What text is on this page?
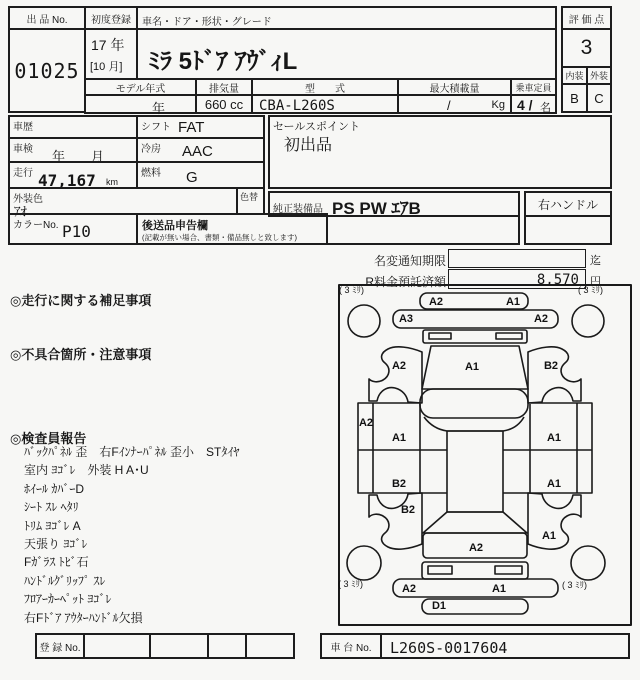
出 品 No.
01025
初度登録
17 年
[10 月]
車名・ドア・形状・グレード
ﾐﾗ 5ﾄﾞｱ ｱｳﾞｨL
モデル年式
年
排気量
660 cc
型　　式
CBA-L260S
最大積載量
/	Kg
乗車定員
4 / 名
評 価 点
3
内装 外装
B C
車歴	シフト FAT
車検 年　　月	冷房 AAC
走行 47,167 km
燃料 G
外装色
ｱｵ
色替
カラーNo. P10	後送品申告欄
(記載が無い場合、書類・備品無しと致します)
セールスポイント
初出品
純正装備品 PS PW ｴｱB	右ハンドル
名変通知期限	迄
R料金預託済額	8,570 円
◎走行に関する補足事項
◎不具合箇所・注意事項
◎検査員報告
ﾊﾞｯｸﾊﾟﾈﾙ 歪　右Fｲﾝﾅｰﾊﾟﾈﾙ 歪小　STﾀｲﾔ
室内 ﾖｺﾞﾚ　外装 H A･U
ﾎｲｰﾙ ｶﾊﾞｰD
ｼｰﾄ ｽﾚ ﾍﾀﾘ
ﾄﾘﾑ ﾖｺﾞﾚ A
天張り ﾖｺﾞﾚ
Fｶﾞﾗｽ ﾄﾋﾞ石
ﾊﾝﾄﾞﾙｸﾞﾘｯﾌﾟ ｽﾚ
ﾌﾛｱｰｶｰﾍﾟｯﾄ ﾖｺﾞﾚ
右Fﾄﾞｱ ｱｳﾀｰﾊﾝﾄﾞﾙ欠損
( 3 ﾐﾘ)	( 3 ﾐﾘ)
( 3 ﾐﾘ)	( 3 ﾐﾘ)
A2	A1
A3	A2
A1
A2	B2
A2
A1
B2
B2
A1
A1
A1
A2
A2	A1
D1
登 録 No.	車 台 No. L260S-0017604
